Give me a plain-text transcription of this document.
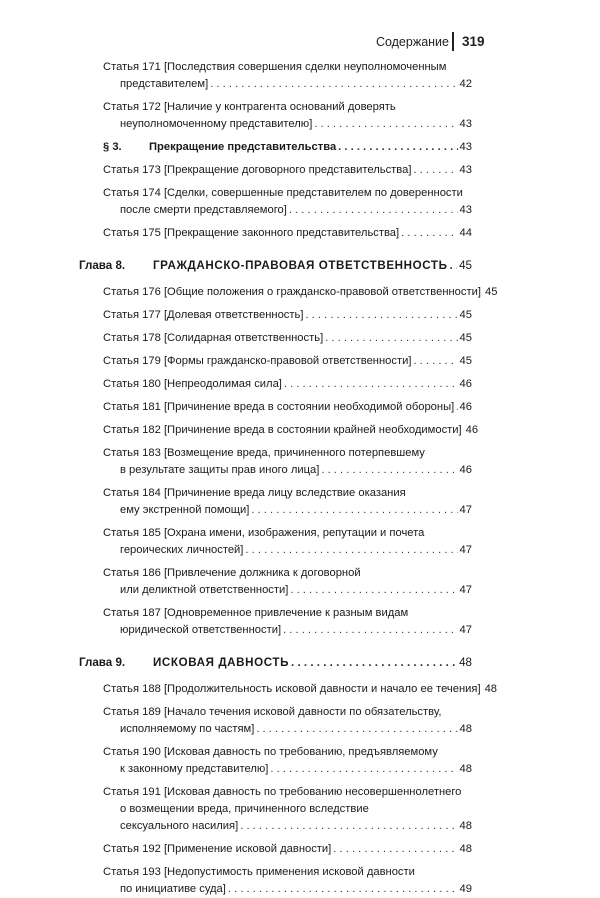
Содержание 319
Статья 171 [Последствия совершения сделки неуполномоченным
представителем] . . .	42
Статья 172 [Наличие у контрагента оснований доверять
неуполномоченному представителю] . . .	43
§ 3.	Прекращение представительства . . .	43
Статья 173 [Прекращение договорного представительства] . . .	43
Статья 174 [Сделки, совершенные представителем по доверенности
после смерти представляемого] . . .	43
Статья 175 [Прекращение законного представительства] . . .	44
Глава 8.	ГРАЖДАНСКО-ПРАВОВАЯ ОТВЕТСТВЕННОСТЬ . . . 45
Статья 176 [Общие положения о гражданско-правовой ответственности] 45
Статья 177 [Долевая ответственность] . . .	45
Статья 178 [Солидарная ответственность] . . .	45
Статья 179 [Формы гражданско-правовой ответственности] . . .	45
Статья 180 [Непреодолимая сила] . . .	46
Статья 181 [Причинение вреда в состоянии необходимой обороны] . . . 46
Статья 182 [Причинение вреда в состоянии крайней необходимости] 46
Статья 183 [Возмещение вреда, причиненного потерпевшему
в результате защиты прав иного лица] . . .	46
Статья 184 [Причинение вреда лицу вследствие оказания
ему экстренной помощи] . . .	47
Статья 185 [Охрана имени, изображения, репутации и почета
героических личностей] . . .	47
Статья 186 [Привлечение должника к договорной
или деликтной ответственности] . . .	47
Статья 187 [Одновременное привлечение к разным видам
юридической ответственности] . . .	47
Глава 9.	ИСКОВАЯ ДАВНОСТЬ . . .	48
Статья 188 [Продолжительность исковой давности и начало ее течения] 48
Статья 189 [Начало течения исковой давности по обязательству,
исполняемому по частям] . . .	48
Статья 190 [Исковая давность по требованию, предъявляемому
к законному представителю] . . .	48
Статья 191 [Исковая давность по требованию несовершеннолетнего
о возмещении вреда, причиненного вследствие
сексуального насилия] . . .	48
Статья 192 [Применение исковой давности] . . .	48
Статья 193 [Недопустимость применения исковой давности
по инициативе суда] . . .	49
